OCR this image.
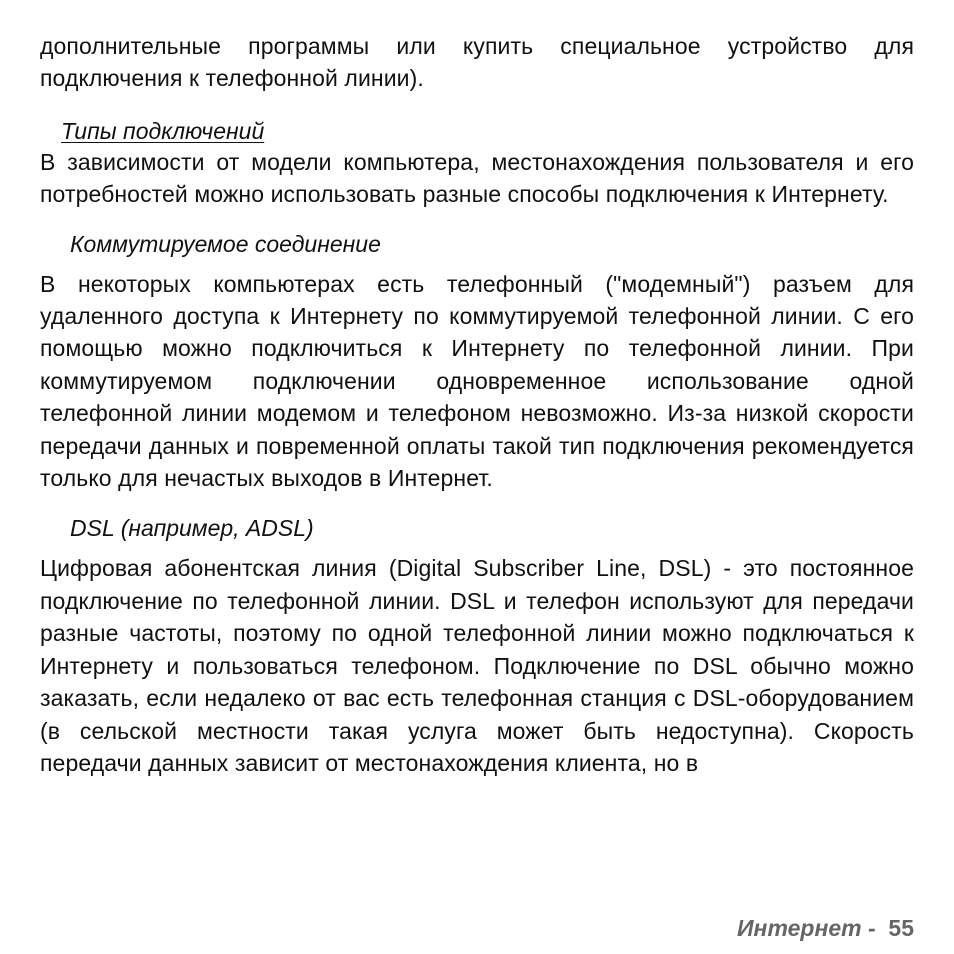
дополнительные программы или купить специальное устройство для подключения к телефонной линии).

Типы подключений

В зависимости от модели компьютера, местонахождения пользователя и его потребностей можно использовать разные способы подключения к Интернету.

Коммутируемое соединение

В некоторых компьютерах есть телефонный ("модемный") разъем для удаленного доступа к Интернету по коммутируемой телефонной линии. С его помощью можно подключиться к Интернету по телефонной линии. При коммутируемом подключении одновременное использование одной телефонной линии модемом и телефоном невозможно. Из-за низкой скорости передачи данных и повременной оплаты такой тип подключения рекомендуется только для нечастых выходов в Интернет.

DSL (например, ADSL)

Цифровая абонентская линия (Digital Subscriber Line, DSL) - это постоянное подключение по телефонной линии. DSL и телефон используют для передачи разные частоты, поэтому по одной телефонной линии можно подключаться к Интернету и пользоваться телефоном. Подключение по DSL обычно можно заказать, если недалеко от вас есть телефонная станция с DSL-оборудованием (в сельской местности такая услуга может быть недоступна). Скорость передачи данных зависит от местонахождения клиента, но в

Интернет - 55
